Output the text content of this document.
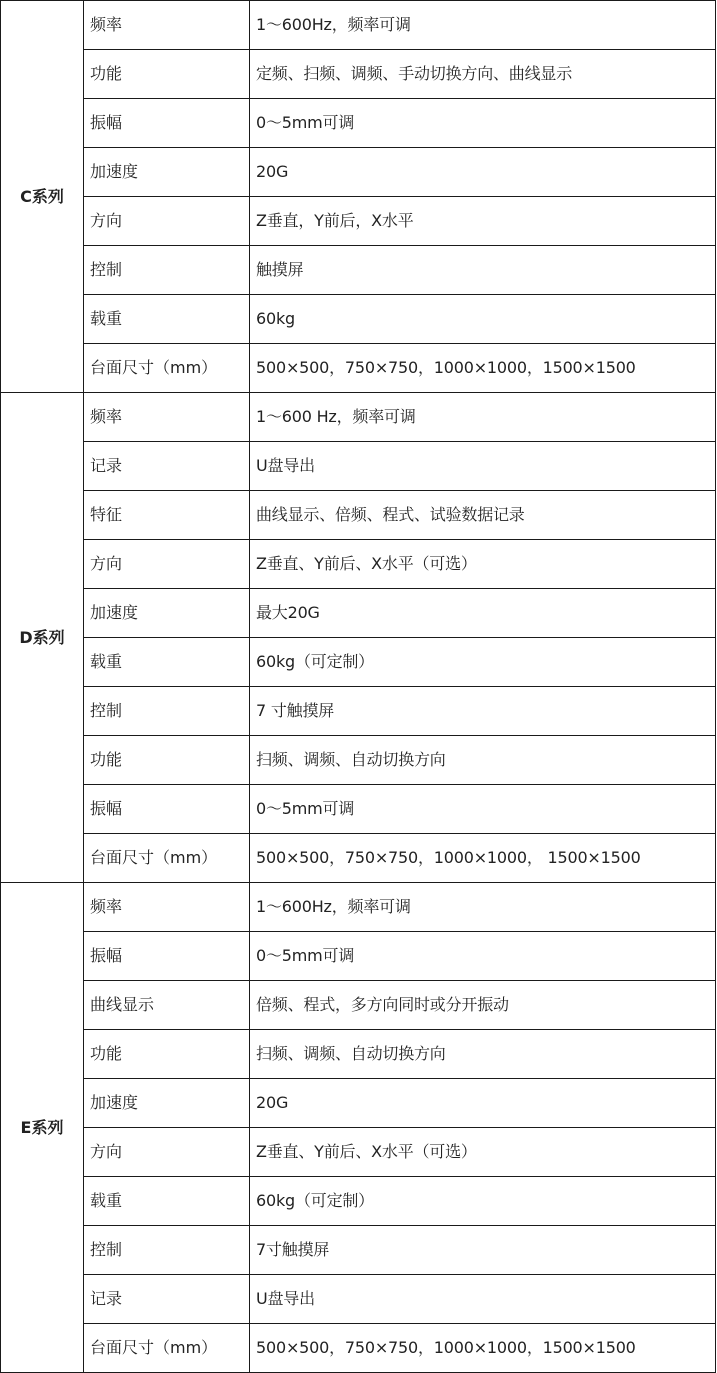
C系列	频率	1～600Hz，频率可调
	功能	定频、扫频、调频、手动切换方向、曲线显示
	振幅	0～5mm可调
	加速度	20G
	方向	Z垂直，Y前后，X水平
	控制	触摸屏
	载重	60kg
	台面尺寸（mm）	500×500，750×750，1000×1000，1500×1500
D系列	频率	1～600 Hz，频率可调
	记录	U盘导出
	特征	曲线显示、倍频、程式、试验数据记录
	方向	Z垂直、Y前后、X水平（可选）
	加速度	最大20G
	载重	60kg（可定制）
	控制	7 寸触摸屏
	功能	扫频、调频、自动切换方向
	振幅	0～5mm可调
	台面尺寸（mm）	500×500，750×750，1000×1000， 1500×1500
E系列	频率	1～600Hz，频率可调
	振幅	0～5mm可调
	曲线显示	倍频、程式，多方向同时或分开振动
	功能	扫频、调频、自动切换方向
	加速度	20G
	方向	Z垂直、Y前后、X水平（可选）
	载重	60kg（可定制）
	控制	7寸触摸屏
	记录	U盘导出
	台面尺寸（mm）	500×500，750×750，1000×1000，1500×1500
